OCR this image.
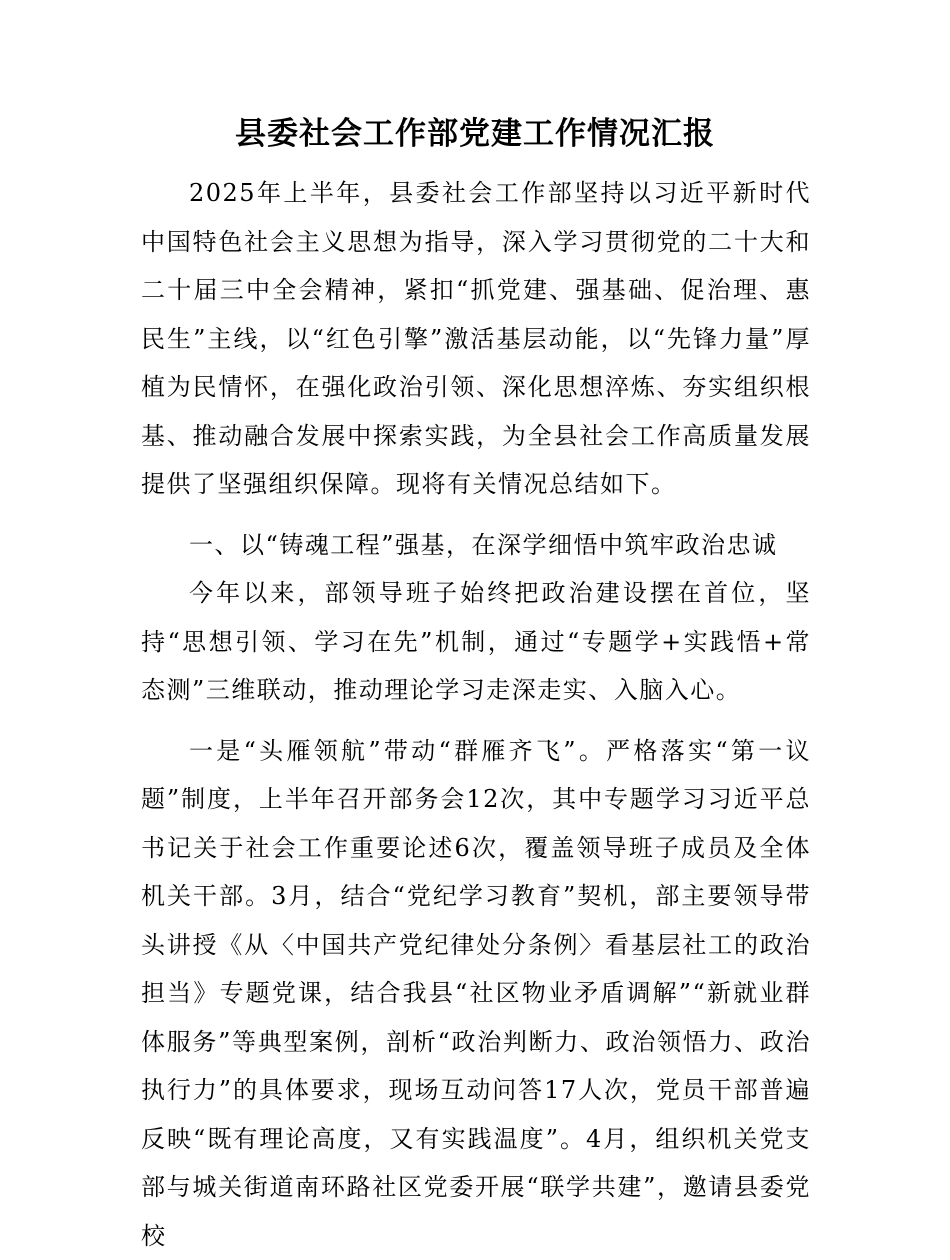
县委社会工作部党建工作情况汇报

2025年上半年，县委社会工作部坚持以习近平新时代中国特色社会主义思想为指导，深入学习贯彻党的二十大和二十届三中全会精神，紧扣“抓党建、强基础、促治理、惠民生”主线，以“红色引擎”激活基层动能，以“先锋力量”厚植为民情怀，在强化政治引领、深化思想淬炼、夯实组织根基、推动融合发展中探索实践，为全县社会工作高质量发展提供了坚强组织保障。现将有关情况总结如下。

一、以“铸魂工程”强基，在深学细悟中筑牢政治忠诚

今年以来，部领导班子始终把政治建设摆在首位，坚持“思想引领、学习在先”机制，通过“专题学+实践悟+常态测”三维联动，推动理论学习走深走实、入脑入心。

一是“头雁领航”带动“群雁齐飞”。严格落实“第一议题”制度，上半年召开部务会12次，其中专题学习习近平总书记关于社会工作重要论述6次，覆盖领导班子成员及全体机关干部。3月，结合“党纪学习教育”契机，部主要领导带头讲授《从〈中国共产党纪律处分条例〉看基层社工的政治担当》专题党课，结合我县“社区物业矛盾调解”“新就业群体服务”等典型案例，剖析“政治判断力、政治领悟力、政治执行力”的具体要求，现场互动问答17人次，党员干部普遍反映“既有理论高度，又有实践温度”。4月，组织机关党支部与城关街道南环路社区党委开展“联学共建”，邀请县委党校
